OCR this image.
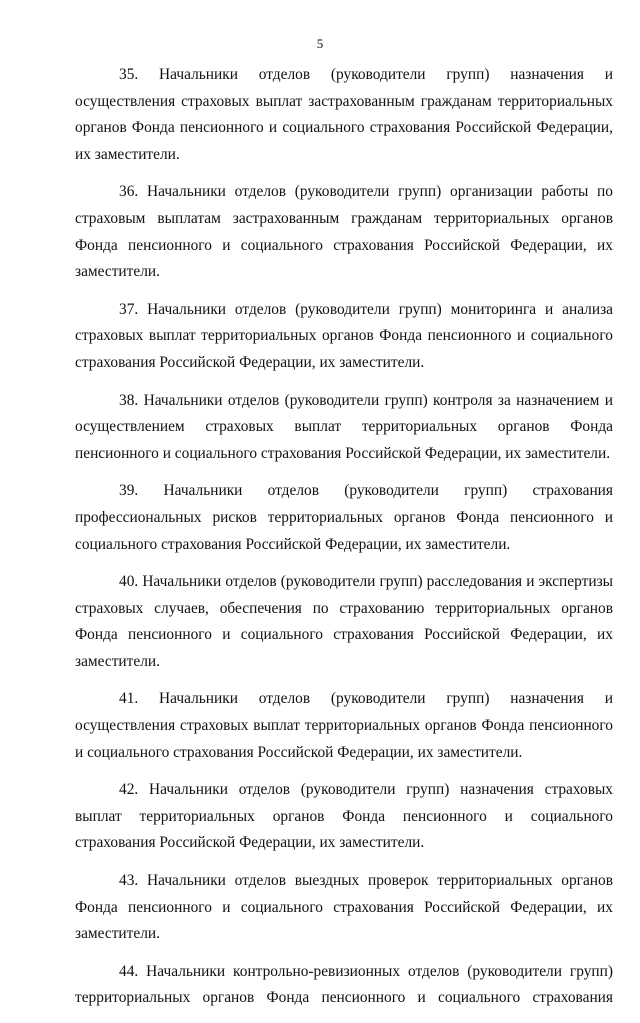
5

35. Начальники отделов (руководители групп) назначения и осуществления страховых выплат застрахованным гражданам территориальных органов Фонда пенсионного и социального страхования Российской Федерации, их заместители.

36. Начальники отделов (руководители групп) организации работы по страховым выплатам застрахованным гражданам территориальных органов Фонда пенсионного и социального страхования Российской Федерации, их заместители.

37. Начальники отделов (руководители групп) мониторинга и анализа страховых выплат территориальных органов Фонда пенсионного и социального страхования Российской Федерации, их заместители.

38. Начальники отделов (руководители групп) контроля за назначением и осуществлением страховых выплат территориальных органов Фонда пенсионного и социального страхования Российской Федерации, их заместители.

39. Начальники отделов (руководители групп) страхования профессиональных рисков территориальных органов Фонда пенсионного и социального страхования Российской Федерации, их заместители.

40. Начальники отделов (руководители групп) расследования и экспертизы страховых случаев, обеспечения по страхованию территориальных органов Фонда пенсионного и социального страхования Российской Федерации, их заместители.

41. Начальники отделов (руководители групп) назначения и осуществления страховых выплат территориальных органов Фонда пенсионного и социального страхования Российской Федерации, их заместители.

42. Начальники отделов (руководители групп) назначения страховых выплат территориальных органов Фонда пенсионного и социального страхования Российской Федерации, их заместители.

43. Начальники отделов выездных проверок территориальных органов Фонда пенсионного и социального страхования Российской Федерации, их заместители.

44. Начальники контрольно-ревизионных отделов (руководители групп) территориальных органов Фонда пенсионного и социального страхования
